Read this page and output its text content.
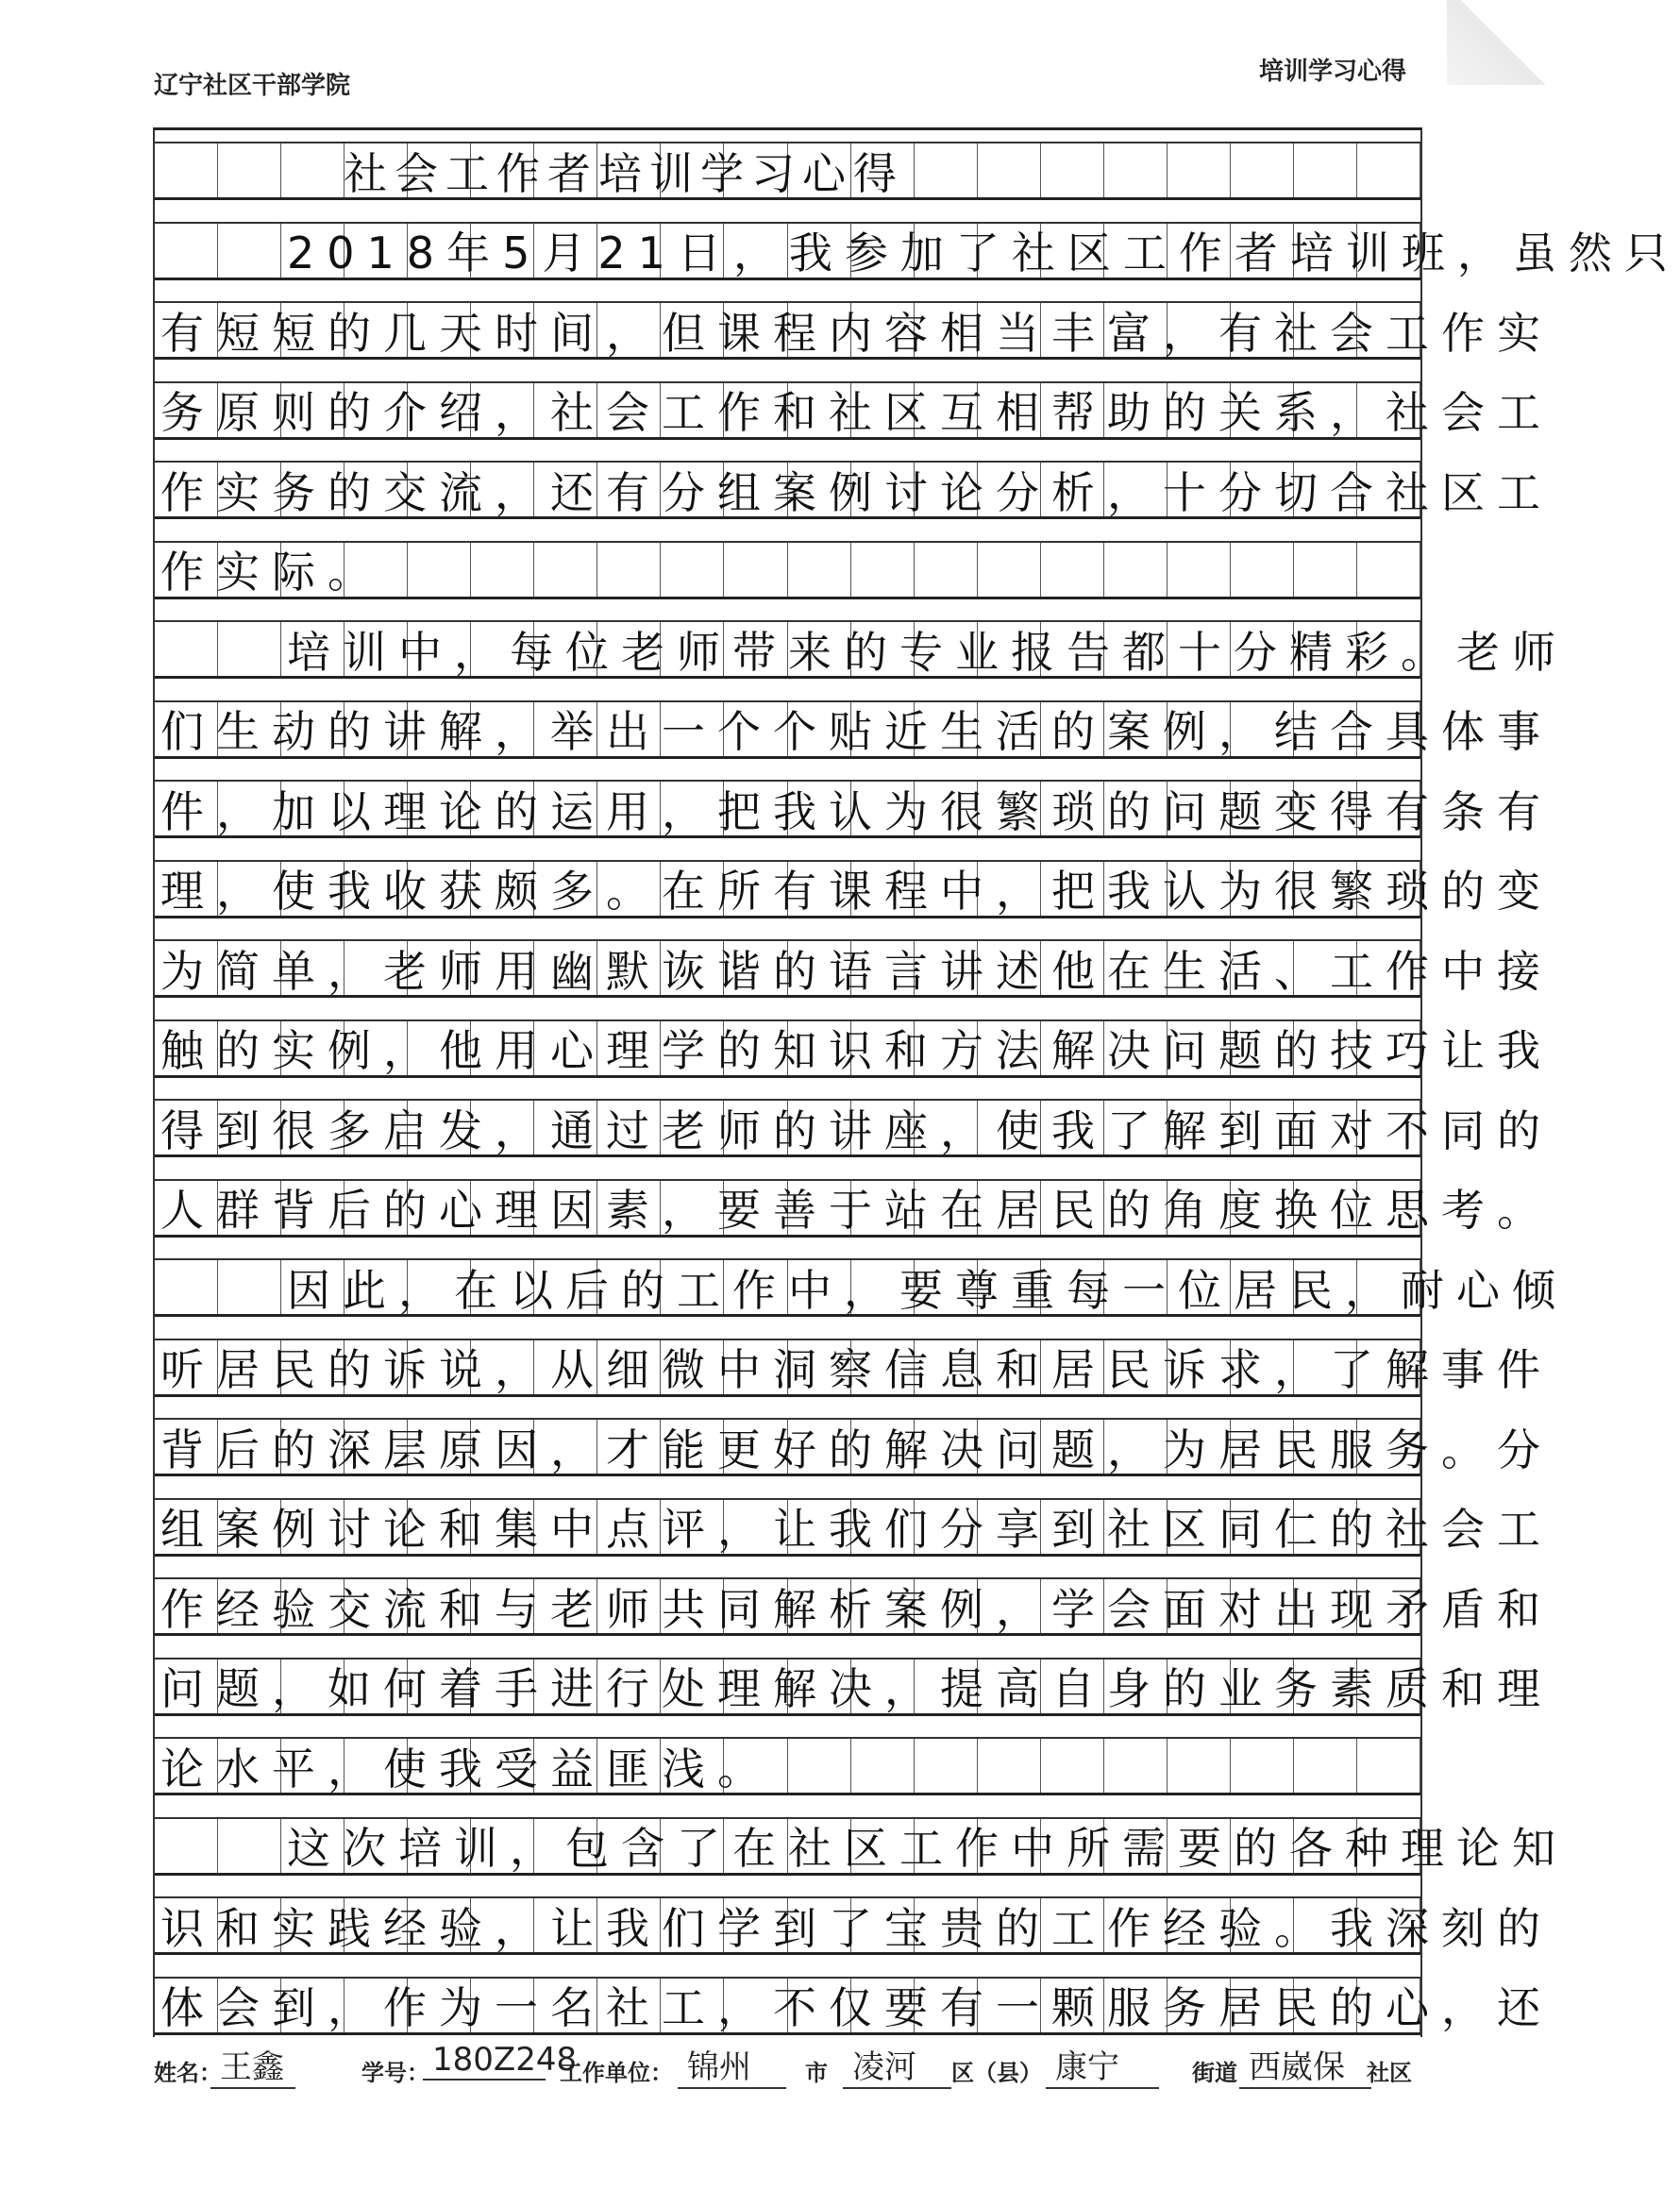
辽宁社区干部学院	培训学习心得
社会工作者培训学习心得
2018年5月21日，我参加了社区工作者培训班，虽然只
有短短的几天时间，但课程内容相当丰富，有社会工作实
务原则的介绍，社会工作和社区互相帮助的关系，社会工
作实务的交流，还有分组案例讨论分析，十分切合社区工
作实际。
培训中，每位老师带来的专业报告都十分精彩。老师
们生动的讲解，举出一个个贴近生活的案例，结合具体事
件，加以理论的运用，把我认为很繁琐的问题变得有条有
理，使我收获颇多。在所有课程中，把我认为很繁琐的变
为简单，老师用幽默诙谐的语言讲述他在生活、工作中接
触的实例，他用心理学的知识和方法解决问题的技巧让我
得到很多启发，通过老师的讲座，使我了解到面对不同的
人群背后的心理因素，要善于站在居民的角度换位思考。
因此，在以后的工作中，要尊重每一位居民，耐心倾
听居民的诉说，从细微中洞察信息和居民诉求，了解事件
背后的深层原因，才能更好的解决问题，为居民服务。分
组案例讨论和集中点评，让我们分享到社区同仁的社会工
作经验交流和与老师共同解析案例，学会面对出现矛盾和
问题，如何着手进行处理解决，提高自身的业务素质和理
论水平，使我受益匪浅。
这次培训，包含了在社区工作中所需要的各种理论知
识和实践经验，让我们学到了宝贵的工作经验。我深刻的
体会到，作为一名社工，不仅要有一颗服务居民的心，还
姓名：
王鑫	学号： 180Z248
工作单位： 锦州	市 凌河	区（县） 康宁	街道 西崴保 社区
